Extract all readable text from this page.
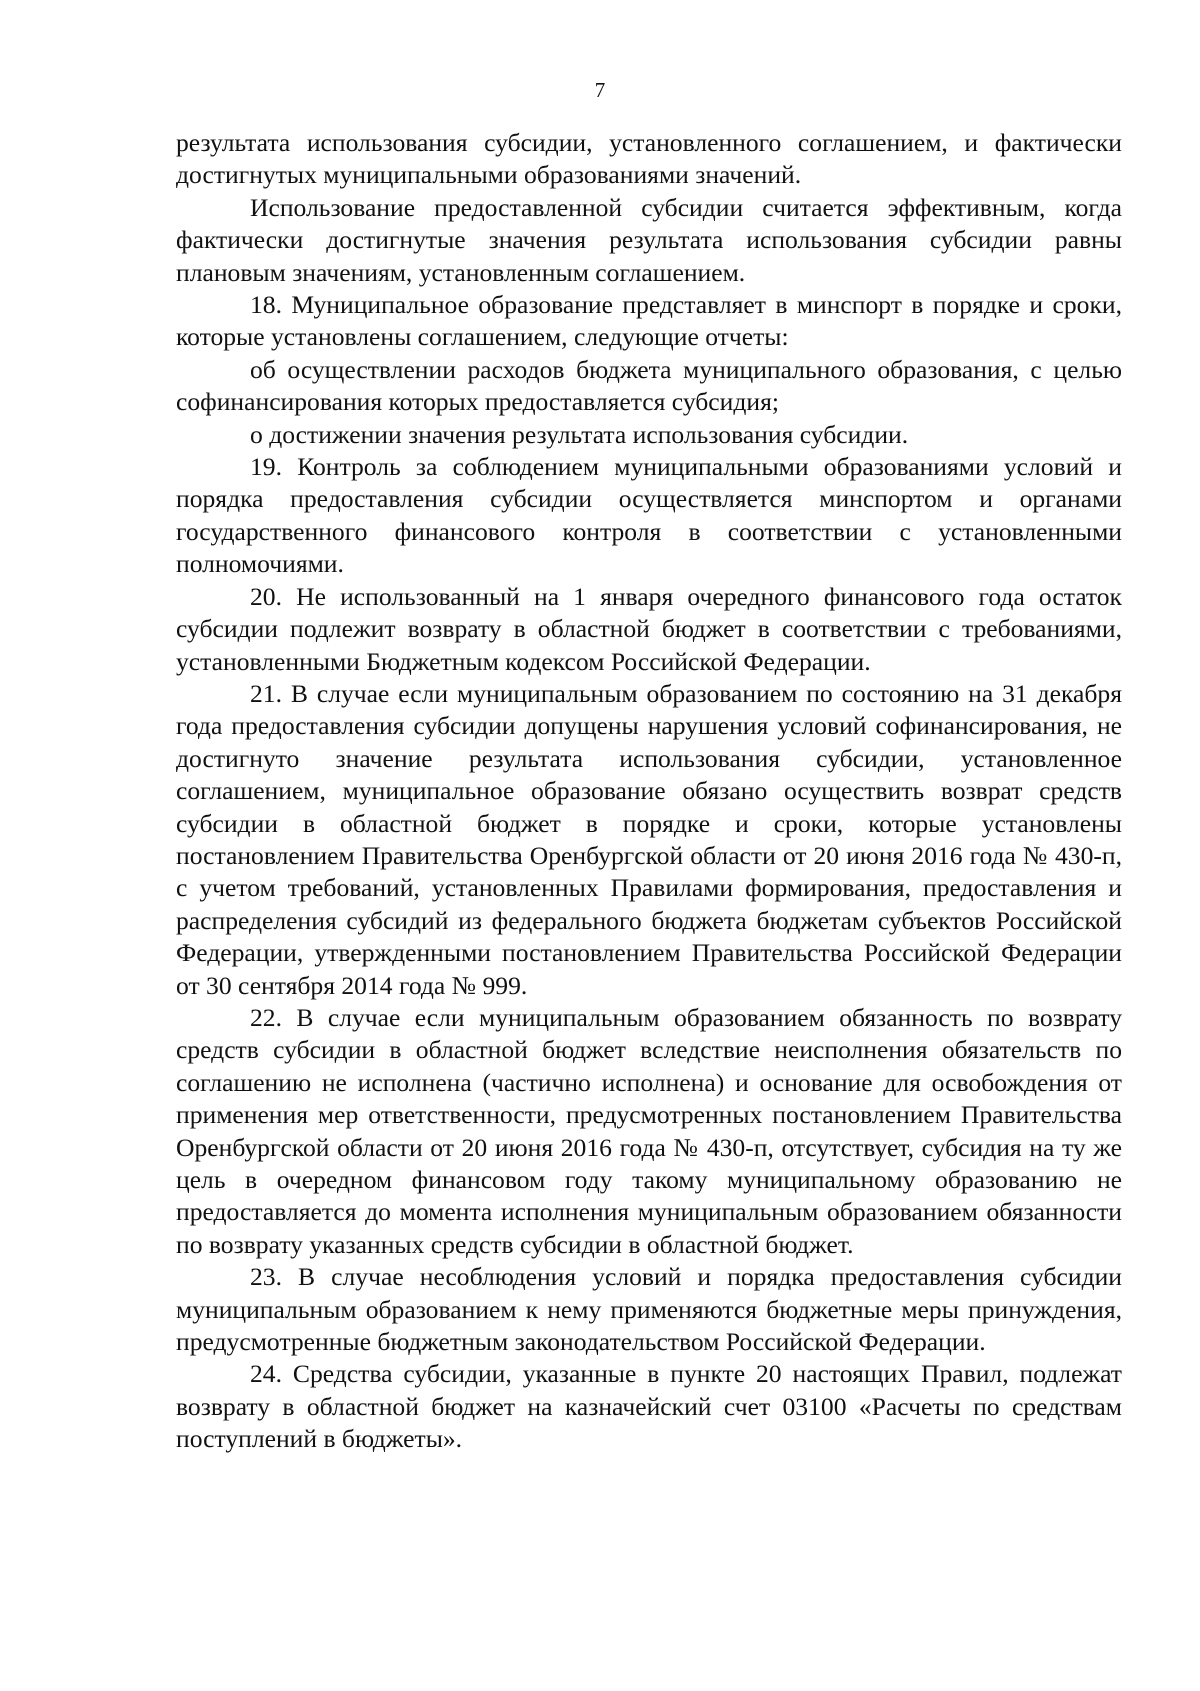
7

результата использования субсидии, установленного соглашением, и фактически достигнутых муниципальными образованиями значений.

Использование предоставленной субсидии считается эффективным, когда фактически достигнутые значения результата использования субсидии равны плановым значениям, установленным соглашением.

18. Муниципальное образование представляет в минспорт в порядке и сроки, которые установлены соглашением, следующие отчеты:

об осуществлении расходов бюджета муниципального образования, с целью софинансирования которых предоставляется субсидия;

о достижении значения результата использования субсидии.

19. Контроль за соблюдением муниципальными образованиями условий и порядка предоставления субсидии осуществляется минспортом и органами государственного финансового контроля в соответствии с установленными полномочиями.

20. Не использованный на 1 января очередного финансового года остаток субсидии подлежит возврату в областной бюджет в соответствии с требованиями, установленными Бюджетным кодексом Российской Федерации.

21. В случае если муниципальным образованием по состоянию на 31 декабря года предоставления субсидии допущены нарушения условий софинансирования, не достигнуто значение результата использования субсидии, установленное соглашением, муниципальное образование обязано осуществить возврат средств субсидии в областной бюджет в порядке и сроки, которые установлены постановлением Правительства Оренбургской области от 20 июня 2016 года № 430-п, с учетом требований, установленных Правилами формирования, предоставления и распределения субсидий из федерального бюджета бюджетам субъектов Российской Федерации, утвержденными постановлением Правительства Российской Федерации от 30 сентября 2014 года № 999.

22. В случае если муниципальным образованием обязанность по возврату средств субсидии в областной бюджет вследствие неисполнения обязательств по соглашению не исполнена (частично исполнена) и основание для освобождения от применения мер ответственности, предусмотренных постановлением Правительства Оренбургской области от 20 июня 2016 года № 430-п, отсутствует, субсидия на ту же цель в очередном финансовом году такому муниципальному образованию не предоставляется до момента исполнения муниципальным образованием обязанности по возврату указанных средств субсидии в областной бюджет.

23. В случае несоблюдения условий и порядка предоставления субсидии муниципальным образованием к нему применяются бюджетные меры принуждения, предусмотренные бюджетным законодательством Российской Федерации.

24. Средства субсидии, указанные в пункте 20 настоящих Правил, подлежат возврату в областной бюджет на казначейский счет 03100 «Расчеты по средствам поступлений в бюджеты».
